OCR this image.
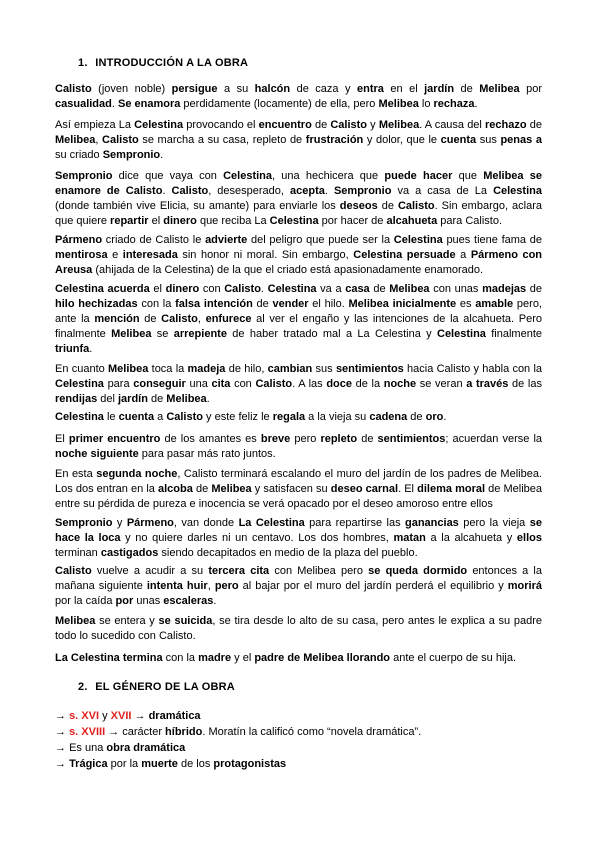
1. INTRODUCCIÓN A LA OBRA
Calisto (joven noble) persigue a su halcón de caza y entra en el jardín de Melibea por casualidad. Se enamora perdidamente (locamente) de ella, pero Melibea lo rechaza.
Así empieza La Celestina provocando el encuentro de Calisto y Melibea. A causa del rechazo de Melibea, Calisto se marcha a su casa, repleto de frustración y dolor, que le cuenta sus penas a su criado Sempronio.
Sempronio dice que vaya con Celestina, una hechicera que puede hacer que Melibea se enamore de Calisto. Calisto, desesperado, acepta. Sempronio va a casa de La Celestina (donde también vive Elicia, su amante) para enviarle los deseos de Calisto. Sin embargo, aclara que quiere repartir el dinero que reciba La Celestina por hacer de alcahueta para Calisto.
Pármeno criado de Calisto le advierte del peligro que puede ser la Celestina pues tiene fama de mentirosa e interesada sin honor ni moral. Sin embargo, Celestina persuade a Pármeno con Areusa (ahijada de la Celestina) de la que el criado está apasionadamente enamorado.
Celestina acuerda el dinero con Calisto. Celestina va a casa de Melibea con unas madejas de hilo hechizadas con la falsa intención de vender el hilo. Melibea inicialmente es amable pero, ante la mención de Calisto, enfurece al ver el engaño y las intenciones de la alcahueta. Pero finalmente Melibea se arrepiente de haber tratado mal a La Celestina y Celestina finalmente triunfa.
En cuanto Melibea toca la madeja de hilo, cambian sus sentimientos hacia Calisto y habla con la Celestina para conseguir una cita con Calisto. A las doce de la noche se veran a través de las rendijas del jardín de Melibea.
Celestina le cuenta a Calisto y este feliz le regala a la vieja su cadena de oro.
El primer encuentro de los amantes es breve pero repleto de sentimientos; acuerdan verse la noche siguiente para pasar más rato juntos.
En esta segunda noche, Calisto terminará escalando el muro del jardín de los padres de Melibea. Los dos entran en la alcoba de Melibea y satisfacen su deseo carnal. El dilema moral de Melibea entre su pérdida de pureza e inocencia se verá opacado por el deseo amoroso entre ellos
Sempronio y Pármeno, van donde La Celestina para repartirse las ganancias pero la vieja se hace la loca y no quiere darles ni un centavo. Los dos hombres, matan a la alcahueta y ellos terminan castigados siendo decapitados en medio de la plaza del pueblo.
Calisto vuelve a acudir a su tercera cita con Melibea pero se queda dormido entonces a la mañana siguiente intenta huir, pero al bajar por el muro del jardín perderá el equilibrio y morirá por la caída por unas escaleras.
Melibea se entera y se suicida, se tira desde lo alto de su casa, pero antes le explica a su padre todo lo sucedido con Calisto.
La Celestina termina con la madre y el padre de Melibea llorando ante el cuerpo de su hija.
2. EL GÉNERO DE LA OBRA
→ s. XVI y XVII → dramática
→ s. XVIII → carácter híbrido. Moratín la calificó como “novela dramática”.
→ Es una obra dramática
→ Trágica por la muerte de los protagonistas
